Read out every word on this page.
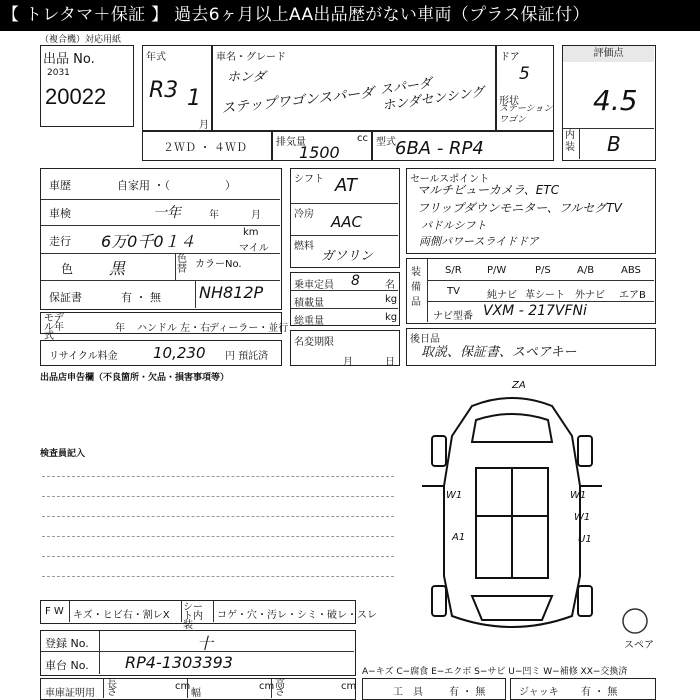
【 トレタマ＋保証 】 過去6ヶ月以上AA出品歴がない車両（プラス保証付）
（複合機）対応用紙
出品 No.
2031
20022
年式
R3 1
月
車名・グレード
ホンダ
ステップワゴンスパーダ スパーダ
ホンダセンシング
ドア
5
形状
ステーション
ワゴン
評価点
4.5
内装 B
２ＷＤ ・ ４ＷＤ	排気量	cc
1500
型式 6BA - RP4
車歴	自家用 ・（　　　　　）
車検	一年	年	月
走行 6万0千0１４	km
マイル
色 黒	色替 カラーNo.
保証書	有 ・ 無 NH812P
モデル年式
年 ハンドル 左・右
ディーラー・並行
リサイクル料金 10,230 円 預託済
シフト AT
冷房 AAC
燃料
ガソリン
乗車定員 8	名
積載量	kg
総重量	kg
名変期限
月	日
セールスポイント
マルチビューカメラ、ETC
フリップダウンモニター、フルセグTV
パドルシフト
両側パワースライドドア
装備品
S/R	P/W	P/S	A/B	ABS
TV	純ナビ 革シート 外ナビ エアB
ナビ型番 VXM - 217VFNi
後日品
取説、保証書、スペアキー
出品店申告欄（不良箇所・欠品・損害事項等）
検査員記入
ZA
W1	W1
A1
W1
U1
スペア
F W キズ・ヒビ右・割レX
シート内装
コゲ・穴・汚レ・シミ・破レ・スレ
登録 No.	十
車台 No. RP4-1303393	A−キズ C−腐食 E−エクボ S−サビ U−凹ミ W−補修 XX−交換済
車庫証明用
長さ
cm
幅
cm 高さ
cm
工　具	有 ・ 無	ジャッキ 有 ・ 無
